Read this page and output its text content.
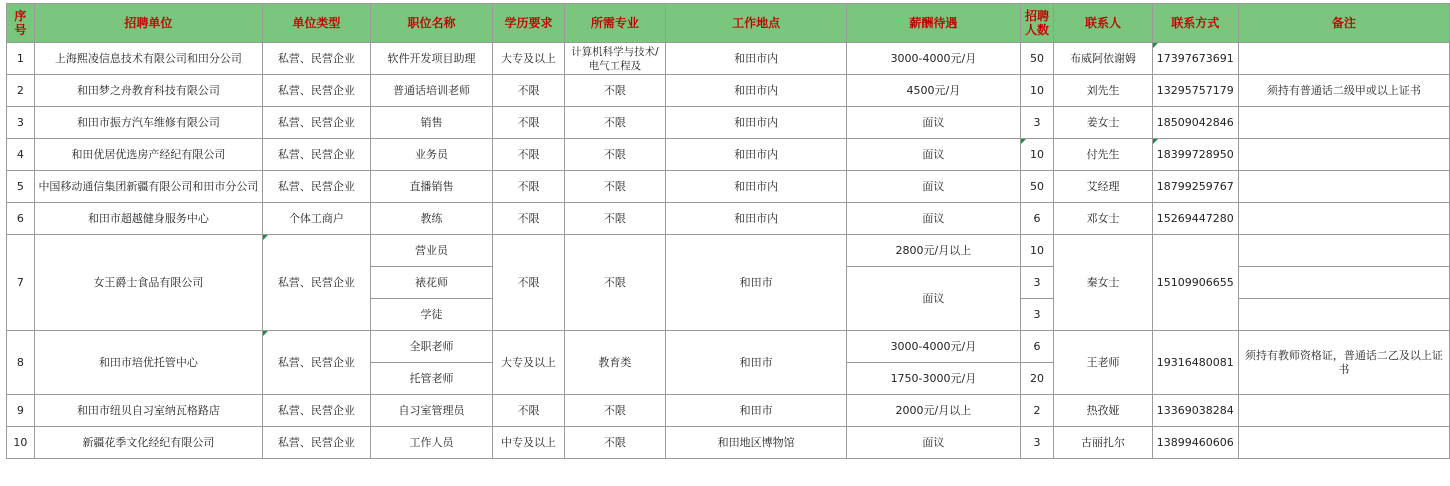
序号	招聘单位	单位类型	职位名称	学历要求	所需专业	工作地点	薪酬待遇	招聘人数	联系人	联系方式	备注
1	上海熙凌信息技术有限公司和田分公司	私营、民营企业	软件开发项目助理	大专及以上	计算机科学与技术/电气工程及	和田市内	3000-4000元/月	50	布威阿依谢姆	17397673691	
2	和田梦之舟教育科技有限公司	私营、民营企业	普通话培训老师	不限	不限	和田市内	4500元/月	10	刘先生	13295757179	须持有普通话二级甲或以上证书
3	和田市振方汽车维修有限公司	私营、民营企业	销售	不限	不限	和田市内	面议	3	姜女士	18509042846	
4	和田优居优选房产经纪有限公司	私营、民营企业	业务员	不限	不限	和田市内	面议	10	付先生	18399728950	
5	中国移动通信集团新疆有限公司和田市分公司	私营、民营企业	直播销售	不限	不限	和田市内	面议	50	艾经理	18799259767	
6	和田市超越健身服务中心	个体工商户	教练	不限	不限	和田市内	面议	6	邓女士	15269447280	
7	女王爵士食品有限公司	私营、民营企业	营业员	不限	不限	和田市	2800元/月以上	10	秦女士	15109906655	
			裱花师				面议	3			
			学徒					3			
8	和田市培优托管中心	私营、民营企业	全职老师	大专及以上	教育类	和田市	3000-4000元/月	6	王老师	19316480081	须持有教师资格证，普通话二乙及以上证书
			托管老师				1750-3000元/月	20			
9	和田市纽贝自习室纳瓦格路店	私营、民营企业	自习室管理员	不限	不限	和田市	2000元/月以上	2	热孜娅	13369038284	
10	新疆花季文化经纪有限公司	私营、民营企业	工作人员	中专及以上	不限	和田地区博物馆	面议	3	古丽扎尔	13899460606	
